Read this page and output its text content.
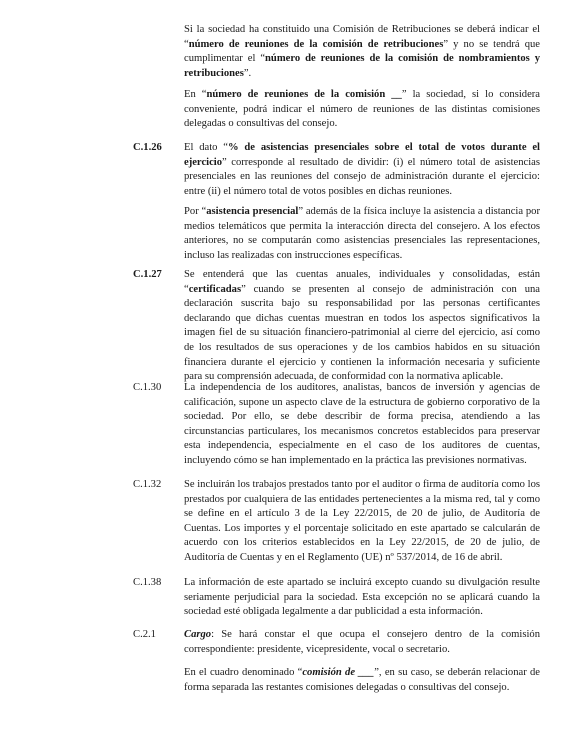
Si la sociedad ha constituido una Comisión de Retribuciones se deberá indicar el “número de reuniones de la comisión de retribuciones” y no se tendrá que cumplimentar el “número de reuniones de la comisión de nombramientos y retribuciones”.

En “número de reuniones de la comisión __” la sociedad, si lo considera conveniente, podrá indicar el número de reuniones de las distintas comisiones delegadas o consultivas del consejo.

C.1.26 El dato “% de asistencias presenciales sobre el total de votos durante el ejercicio” corresponde al resultado de dividir: (i) el número total de asistencias presenciales en las reuniones del consejo de administración durante el ejercicio: entre (ii) el número total de votos posibles en dichas reuniones.

Por “asistencia presencial” además de la física incluye la asistencia a distancia por medios telemáticos que permita la interacción directa del consejero. A los efectos anteriores, no se computarán como asistencias presenciales las representaciones, incluso las realizadas con instrucciones específicas.

C.1.27 Se entenderá que las cuentas anuales, individuales y consolidadas, están “certificadas” cuando se presenten al consejo de administración con una declaración suscrita bajo su responsabilidad por las personas certificantes declarando que dichas cuentas muestran en todos los aspectos significativos la imagen fiel de su situación financiero-patrimonial al cierre del ejercicio, así como de los resultados de sus operaciones y de los cambios habidos en su situación financiera durante el ejercicio y contienen la información necesaria y suficiente para su comprensión adecuada, de conformidad con la normativa aplicable.

C.1.30 La independencia de los auditores, analistas, bancos de inversión y agencias de calificación, supone un aspecto clave de la estructura de gobierno corporativo de la sociedad. Por ello, se debe describir de forma precisa, atendiendo a las circunstancias particulares, los mecanismos concretos establecidos para preservar esta independencia, especialmente en el caso de los auditores de cuentas, incluyendo cómo se han implementado en la práctica las previsiones normativas.

C.1.32 Se incluirán los trabajos prestados tanto por el auditor o firma de auditoría como los prestados por cualquiera de las entidades pertenecientes a la misma red, tal y como se define en el artículo 3 de la Ley 22/2015, de 20 de julio, de Auditoría de Cuentas. Los importes y el porcentaje solicitado en este apartado se calcularán de acuerdo con los criterios establecidos en la Ley 22/2015, de 20 de julio, de Auditoría de Cuentas y en el Reglamento (UE) nº 537/2014, de 16 de abril.

C.1.38 La información de este apartado se incluirá excepto cuando su divulgación resulte seriamente perjudicial para la sociedad. Esta excepción no se aplicará cuando la sociedad esté obligada legalmente a dar publicidad a esta información.

C.2.1	Cargo: Se hará constar el que ocupa el consejero dentro de la comisión correspondiente: presidente, vicepresidente, vocal o secretario.

En el cuadro denominado “comisión de ___”, en su caso, se deberán relacionar de forma separada las restantes comisiones delegadas o consultivas del consejo.
